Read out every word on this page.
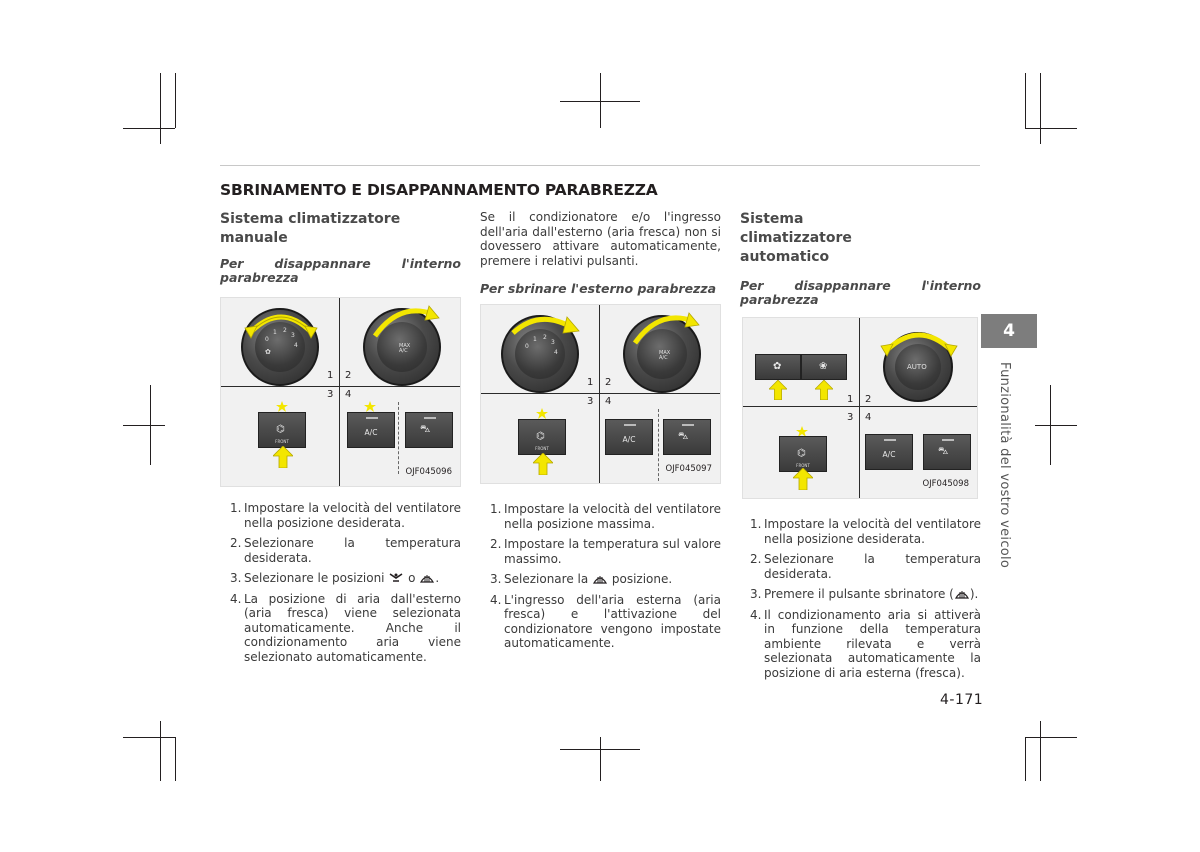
SBRINAMENTO E DISAPPANNAMENTO PARABREZZA
Sistema climatizzatore manuale
Per disappannare l'interno parabrezza
0
1 2
3
4
✿
MAX A/C
1 2
3 4
⌬
FRONT
A/C	⛍
OJF045096
1. Impostare la velocità del ventilatore nella posizione desiderata.
2. Selezionare la temperatura desiderata.
3. Selezionare le posizioni o .
4. La posizione di aria dall'esterno (aria fresca) viene selezionata automaticamente. Anche il condizionamento aria viene selezionato automaticamente.
Se il condizionatore e/o l'ingresso dell'aria dall'esterno (aria fresca) non si dovessero attivare automaticamente, premere i relativi pulsanti.
Per sbrinare l'esterno parabrezza
0
1 2
3
4	MAX A/C
1 2
3 4
⌬
FRONT
A/C	⛍
OJF045097
1. Impostare la velocità del ventilatore nella posizione massima.
2. Impostare la temperatura sul valore massimo.
3. Selezionare la posizione.
4. L'ingresso dell'aria esterna (aria fresca) e l'attivazione del condizionatore vengono impostate automaticamente.
Sistema climatizzatore automatico
Per disappannare l'interno parabrezza
✿	❀	AUTO
1 2
3 4
⌬
FRONT
A/C	⛍
OJF045098
1. Impostare la velocità del ventilatore nella posizione desiderata.
2. Selezionare la temperatura desiderata.
3. Premere il pulsante sbrinatore ( ).
4. Il condizionamento aria si attiverà in funzione della temperatura ambiente rilevata e verrà selezionata automaticamente la posizione di aria esterna (fresca).
4
Funzionalità del vostro veicolo
4-171
